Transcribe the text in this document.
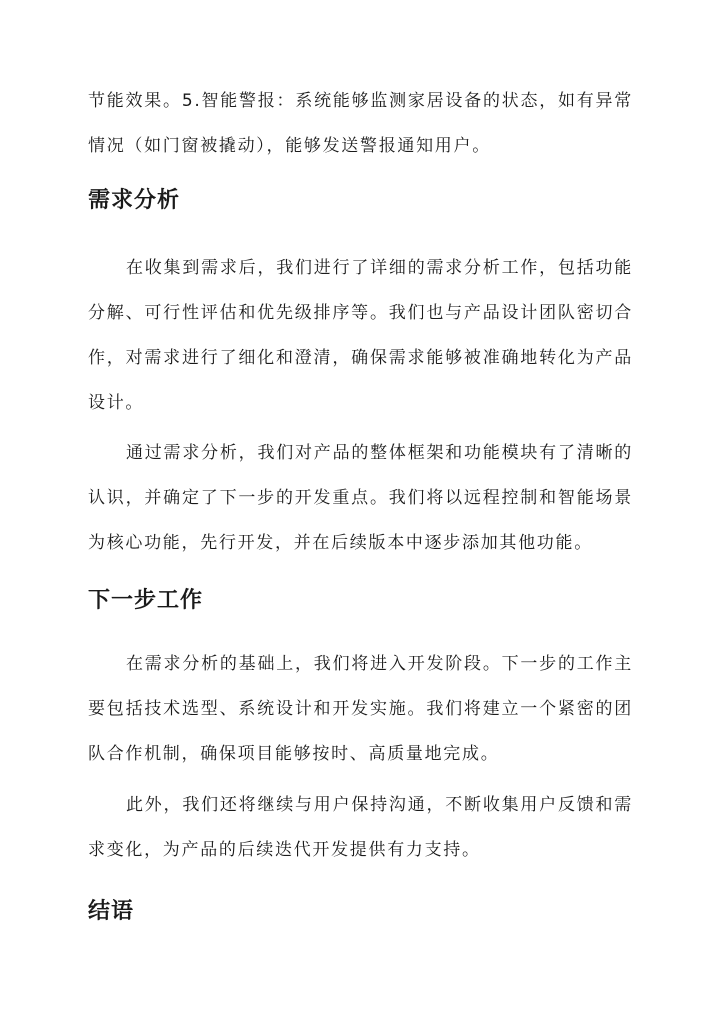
节能效果。5.智能警报：系统能够监测家居设备的状态，如有异常情况（如门窗被撬动），能够发送警报通知用户。

需求分析

在收集到需求后，我们进行了详细的需求分析工作，包括功能分解、可行性评估和优先级排序等。我们也与产品设计团队密切合作，对需求进行了细化和澄清，确保需求能够被准确地转化为产品设计。

通过需求分析，我们对产品的整体框架和功能模块有了清晰的认识，并确定了下一步的开发重点。我们将以远程控制和智能场景为核心功能，先行开发，并在后续版本中逐步添加其他功能。

下一步工作

在需求分析的基础上，我们将进入开发阶段。下一步的工作主要包括技术选型、系统设计和开发实施。我们将建立一个紧密的团队合作机制，确保项目能够按时、高质量地完成。

此外，我们还将继续与用户保持沟通，不断收集用户反馈和需求变化，为产品的后续迭代开发提供有力支持。

结语
